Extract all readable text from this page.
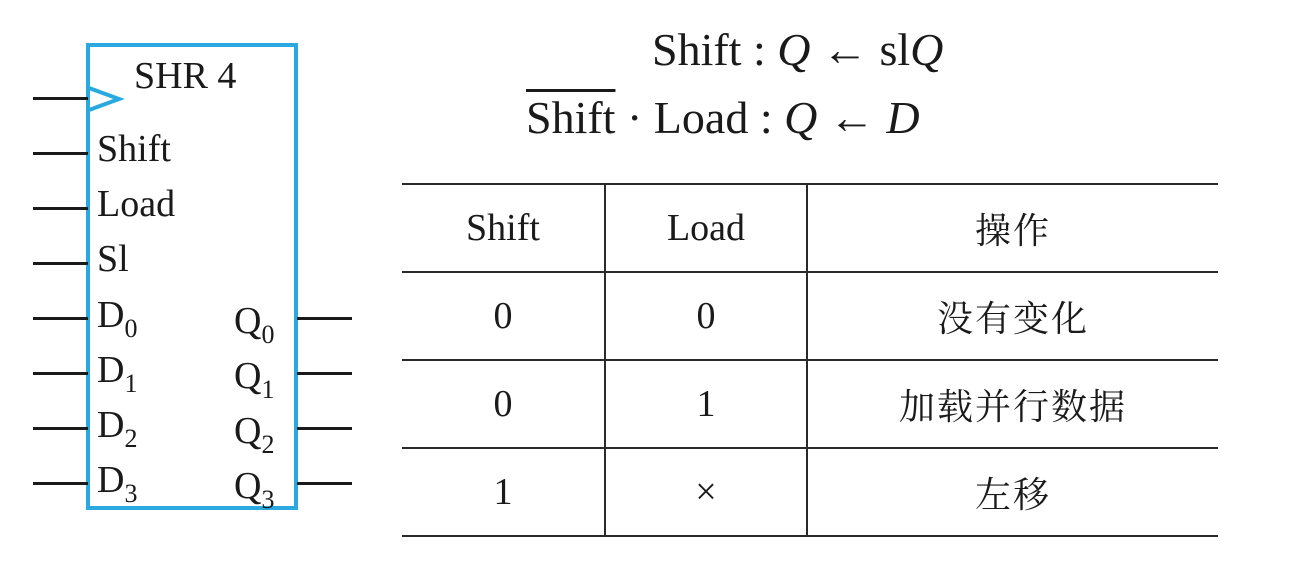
SHR 4
Shift
Load
Sl
$D_0$
$D_1$
$D_2$
$D_3$
$Q_0$
$Q_1$
$Q_2$
$Q_3$
Shift : Q ← slQ
Shift · Load : Q ← D
Shift	Load	操作
0	0	没有变化
0	1	加载并行数据
1	×	左移
